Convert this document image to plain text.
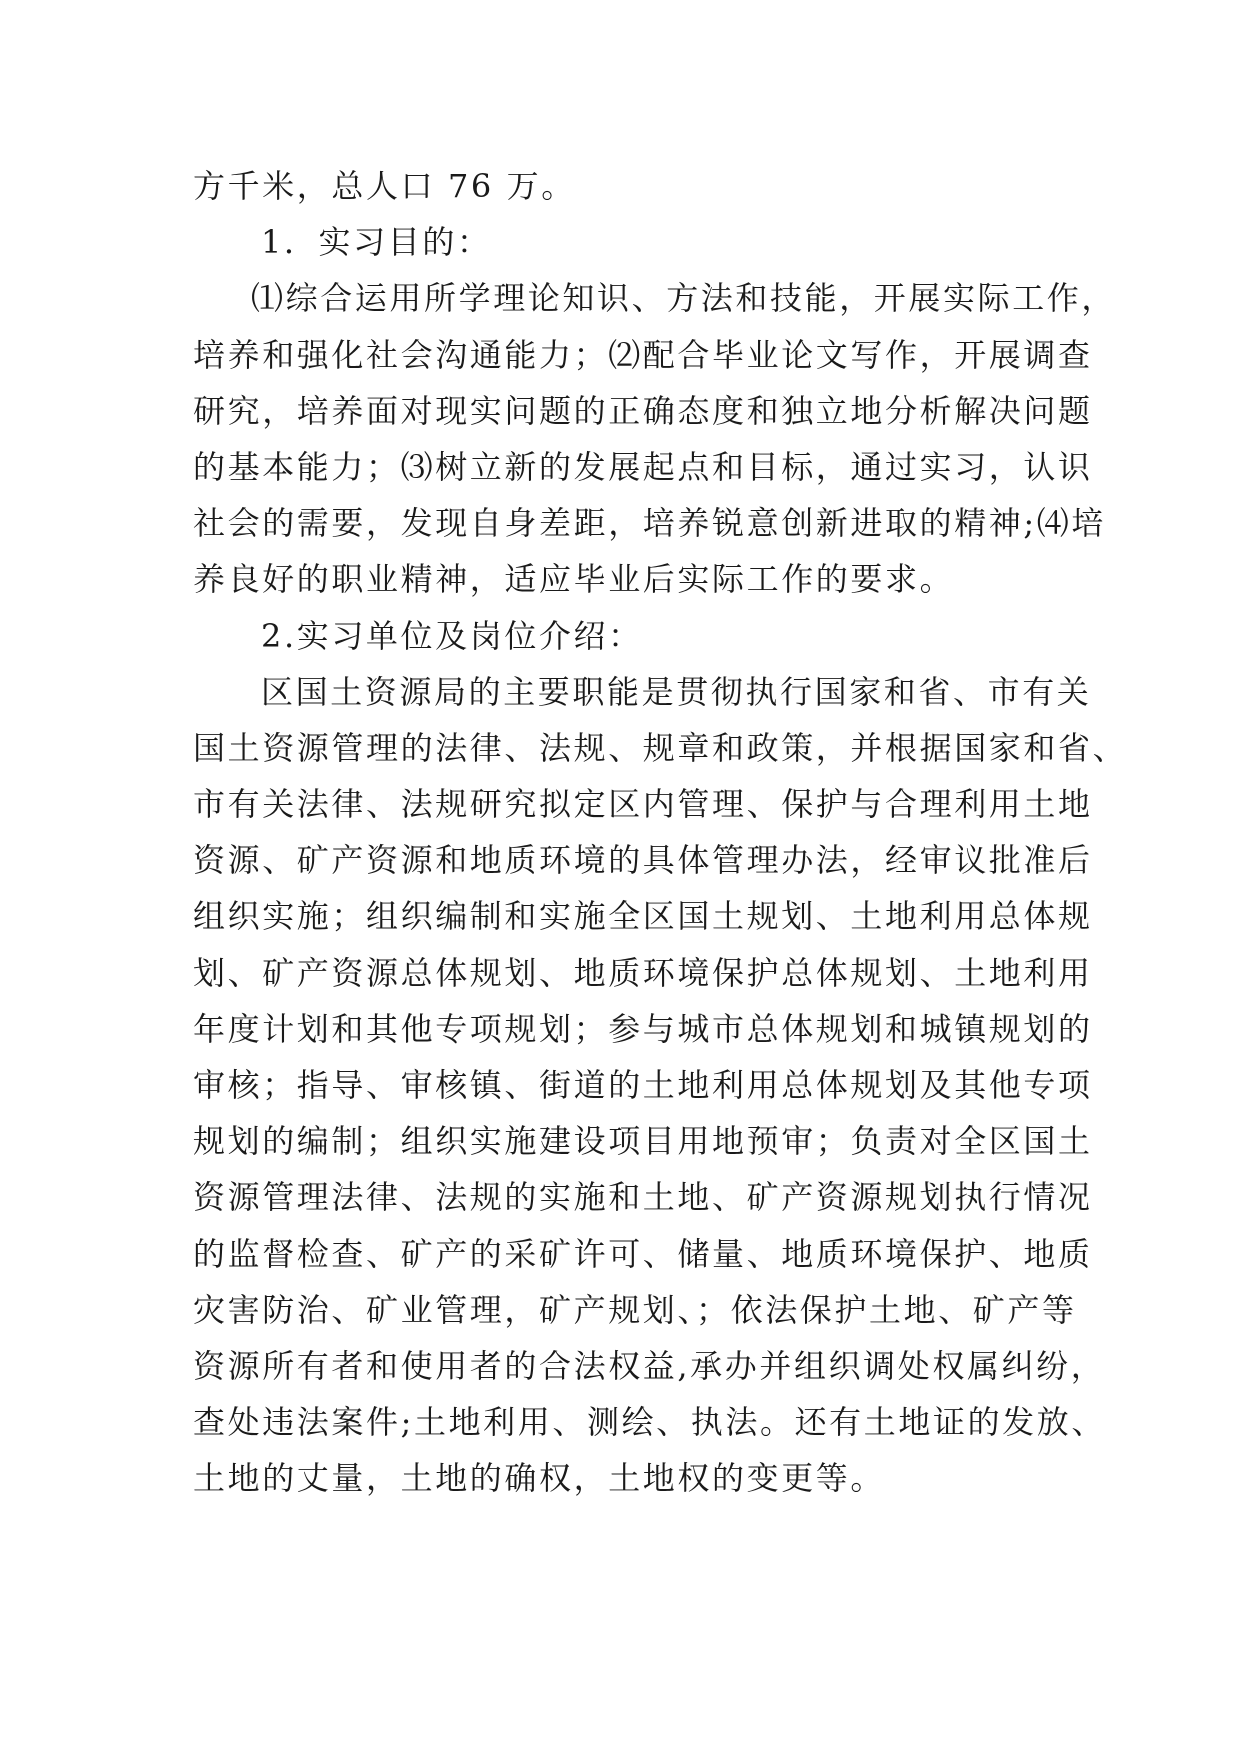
方千米，总人口 76 万。
1．实习目的：
⑴综合运用所学理论知识、方法和技能，开展实际工作，
培养和强化社会沟通能力；⑵配合毕业论文写作，开展调查
研究，培养面对现实问题的正确态度和独立地分析解决问题
的基本能力；⑶树立新的发展起点和目标，通过实习，认识
社会的需要，发现自身差距，培养锐意创新进取的精神;⑷培
养良好的职业精神，适应毕业后实际工作的要求。
2.实习单位及岗位介绍：
区国土资源局的主要职能是贯彻执行国家和省、市有关
国土资源管理的法律、法规、规章和政策，并根据国家和省、
市有关法律、法规研究拟定区内管理、保护与合理利用土地
资源、矿产资源和地质环境的具体管理办法，经审议批准后
组织实施；组织编制和实施全区国土规划、土地利用总体规
划、矿产资源总体规划、地质环境保护总体规划、土地利用
年度计划和其他专项规划；参与城市总体规划和城镇规划的
审核；指导、审核镇、街道的土地利用总体规划及其他专项
规划的编制；组织实施建设项目用地预审；负责对全区国土
资源管理法律、法规的实施和土地、矿产资源规划执行情况
的监督检查、矿产的采矿许可、储量、地质环境保护、地质
灾害防治、矿业管理，矿产规划、；依法保护土地、矿产等
资源所有者和使用者的合法权益,承办并组织调处权属纠纷，
查处违法案件;土地利用、测绘、执法。还有土地证的发放、
土地的丈量，土地的确权，土地权的变更等。
